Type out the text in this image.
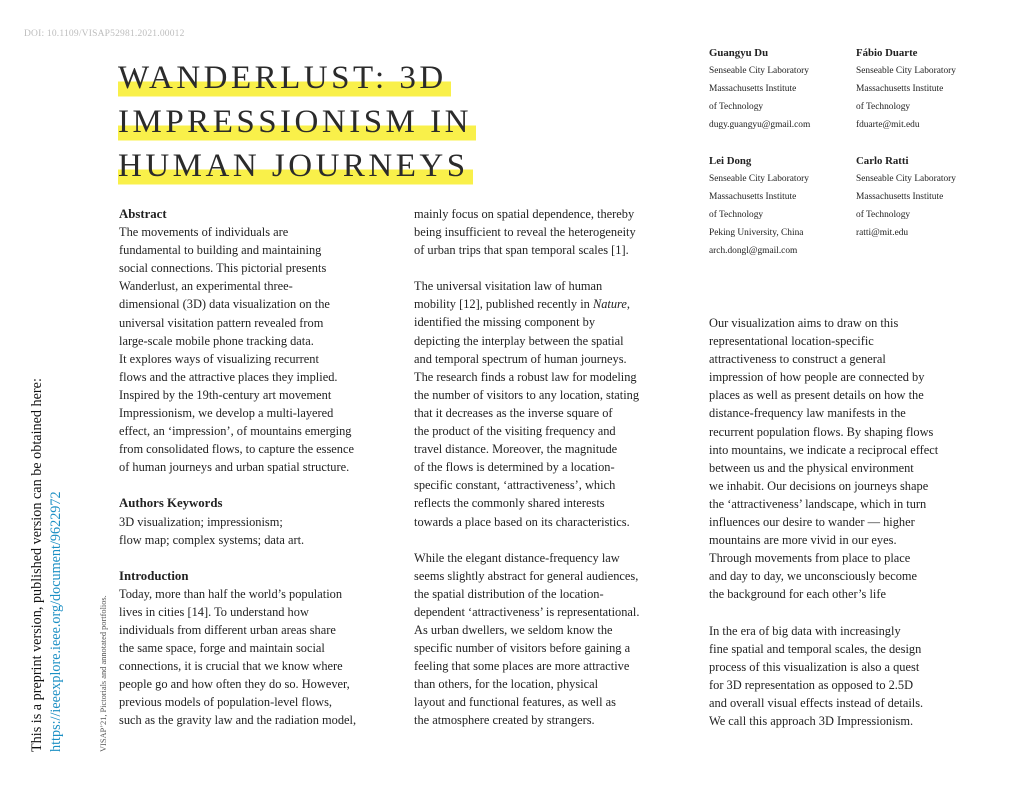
DOI: 10.1109/VISAP52981.2021.00012
WANDERLUST: 3D
IMPRESSIONISM IN
HUMAN JOURNEYS
Guangyu Du
Senseable City Laboratory
Massachusetts Institute
of Technology
dugy.guangyu@gmail.com
Fábio Duarte
Senseable City Laboratory
Massachusetts Institute
of Technology
fduarte@mit.edu
Lei Dong
Senseable City Laboratory
Massachusetts Institute
of Technology
Peking University, China
arch.dongl@gmail.com
Carlo Ratti
Senseable City Laboratory
Massachusetts Institute
of Technology
ratti@mit.edu
Abstract

The movements of individuals are
fundamental to building and maintaining
social connections. This pictorial presents
Wanderlust, an experimental three-
dimensional (3D) data visualization on the
universal visitation pattern revealed from
large-scale mobile phone tracking data.
It explores ways of visualizing recurrent
flows and the attractive places they implied.
Inspired by the 19th-century art movement
Impressionism, we develop a multi-layered
effect, an ‘impression’, of mountains emerging
from consolidated flows, to capture the essence
of human journeys and urban spatial structure.

Authors Keywords

3D visualization; impressionism;
flow map; complex systems; data art.

Introduction

Today, more than half the world’s population
lives in cities [14]. To understand how
individuals from different urban areas share
the same space, forge and maintain social
connections, it is crucial that we know where
people go and how often they do so. However,
previous models of population-level flows,
such as the gravity law and the radiation model,

mainly focus on spatial dependence, thereby
being insufficient to reveal the heterogeneity
of urban trips that span temporal scales [1].

The universal visitation law of human
mobility [12], published recently in Nature,
identified the missing component by
depicting the interplay between the spatial
and temporal spectrum of human journeys.
The research finds a robust law for modeling
the number of visitors to any location, stating
that it decreases as the inverse square of
the product of the visiting frequency and
travel distance. Moreover, the magnitude
of the flows is determined by a location-
specific constant, ‘attractiveness’, which
reflects the commonly shared interests
towards a place based on its characteristics.

While the elegant distance-frequency law
seems slightly abstract for general audiences,
the spatial distribution of the location-
dependent ‘attractiveness’ is representational.
As urban dwellers, we seldom know the
specific number of visitors before gaining a
feeling that some places are more attractive
than others, for the location, physical
layout and functional features, as well as
the atmosphere created by strangers.

Our visualization aims to draw on this
representational location-specific
attractiveness to construct a general
impression of how people are connected by
places as well as present details on how the
distance-frequency law manifests in the
recurrent population flows. By shaping flows
into mountains, we indicate a reciprocal effect
between us and the physical environment
we inhabit. Our decisions on journeys shape
the ‘attractiveness’ landscape, which in turn
influences our desire to wander — higher
mountains are more vivid in our eyes.
Through movements from place to place
and day to day, we unconsciously become
the background for each other’s life

In the era of big data with increasingly
fine spatial and temporal scales, the design
process of this visualization is also a quest
for 3D representation as opposed to 2.5D
and overall visual effects instead of details.
We call this approach 3D Impressionism.

This is a preprint version, published version can be obtained here: https://ieeexplore.ieee.org/document/9622972	VISAP’21, Pictorials and annotated portfolios.
